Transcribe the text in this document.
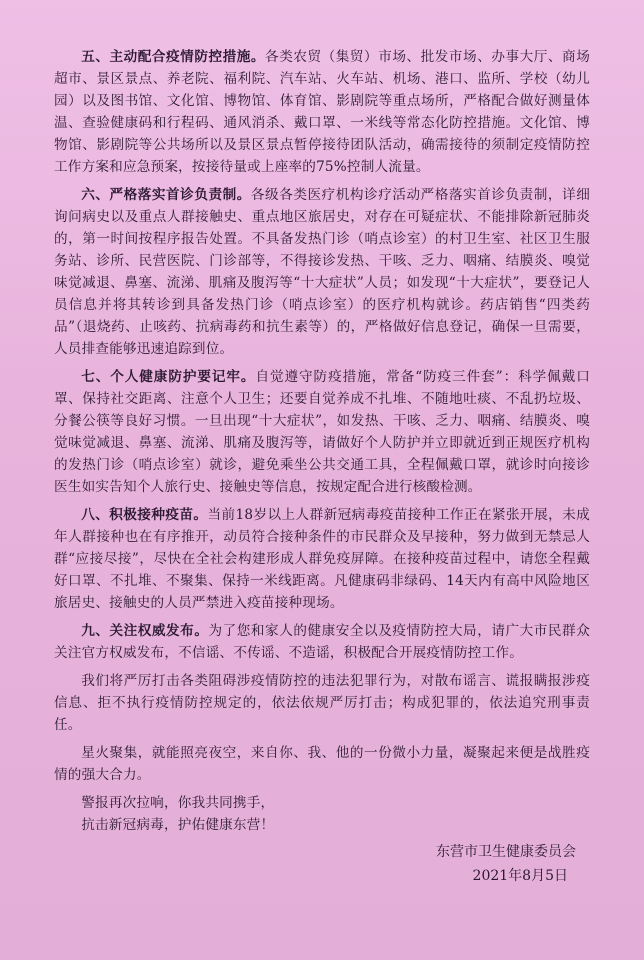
五、主动配合疫情防控措施。各类农贸（集贸）市场、批发市场、办事大厅、商场超市、景区景点、养老院、福利院、汽车站、火车站、机场、港口、监所、学校（幼儿园）以及图书馆、文化馆、博物馆、体育馆、影剧院等重点场所，严格配合做好测量体温、查验健康码和行程码、通风消杀、戴口罩、一米线等常态化防控措施。文化馆、博物馆、影剧院等公共场所以及景区景点暂停接待团队活动，确需接待的须制定疫情防控工作方案和应急预案，按接待量或上座率的75%控制人流量。

六、严格落实首诊负责制。各级各类医疗机构诊疗活动严格落实首诊负责制，详细询问病史以及重点人群接触史、重点地区旅居史，对存在可疑症状、不能排除新冠肺炎的，第一时间按程序报告处置。不具备发热门诊（哨点诊室）的村卫生室、社区卫生服务站、诊所、民营医院、门诊部等，不得接诊发热、干咳、乏力、咽痛、结膜炎、嗅觉味觉减退、鼻塞、流涕、肌痛及腹泻等“十大症状”人员；如发现“十大症状”，要登记人员信息并将其转诊到具备发热门诊（哨点诊室）的医疗机构就诊。药店销售“四类药品”（退烧药、止咳药、抗病毒药和抗生素等）的，严格做好信息登记，确保一旦需要，人员排查能够迅速追踪到位。

七、个人健康防护要记牢。自觉遵守防疫措施，常备“防疫三件套”：科学佩戴口罩、保持社交距离、注意个人卫生；还要自觉养成不扎堆、不随地吐痰、不乱扔垃圾、分餐公筷等良好习惯。一旦出现“十大症状”，如发热、干咳、乏力、咽痛、结膜炎、嗅觉味觉减退、鼻塞、流涕、肌痛及腹泻等，请做好个人防护并立即就近到正规医疗机构的发热门诊（哨点诊室）就诊，避免乘坐公共交通工具，全程佩戴口罩，就诊时向接诊医生如实告知个人旅行史、接触史等信息，按规定配合进行核酸检测。

八、积极接种疫苗。当前18岁以上人群新冠病毒疫苗接种工作正在紧张开展，未成年人群接种也在有序推开，动员符合接种条件的市民群众及早接种，努力做到无禁忌人群“应接尽接”，尽快在全社会构建形成人群免疫屏障。在接种疫苗过程中，请您全程戴好口罩、不扎堆、不聚集、保持一米线距离。凡健康码非绿码、14天内有高中风险地区旅居史、接触史的人员严禁进入疫苗接种现场。

九、关注权威发布。为了您和家人的健康安全以及疫情防控大局，请广大市民群众关注官方权威发布，不信谣、不传谣、不造谣，积极配合开展疫情防控工作。

我们将严厉打击各类阻碍涉疫情防控的违法犯罪行为，对散布谣言、谎报瞒报涉疫信息、拒不执行疫情防控规定的，依法依规严厉打击；构成犯罪的，依法追究刑事责任。

星火聚集，就能照亮夜空，来自你、我、他的一份微小力量，凝聚起来便是战胜疫情的强大合力。

警报再次拉响，你我共同携手，

抗击新冠病毒，护佑健康东营！

东营市卫生健康委员会
2021年8月5日
